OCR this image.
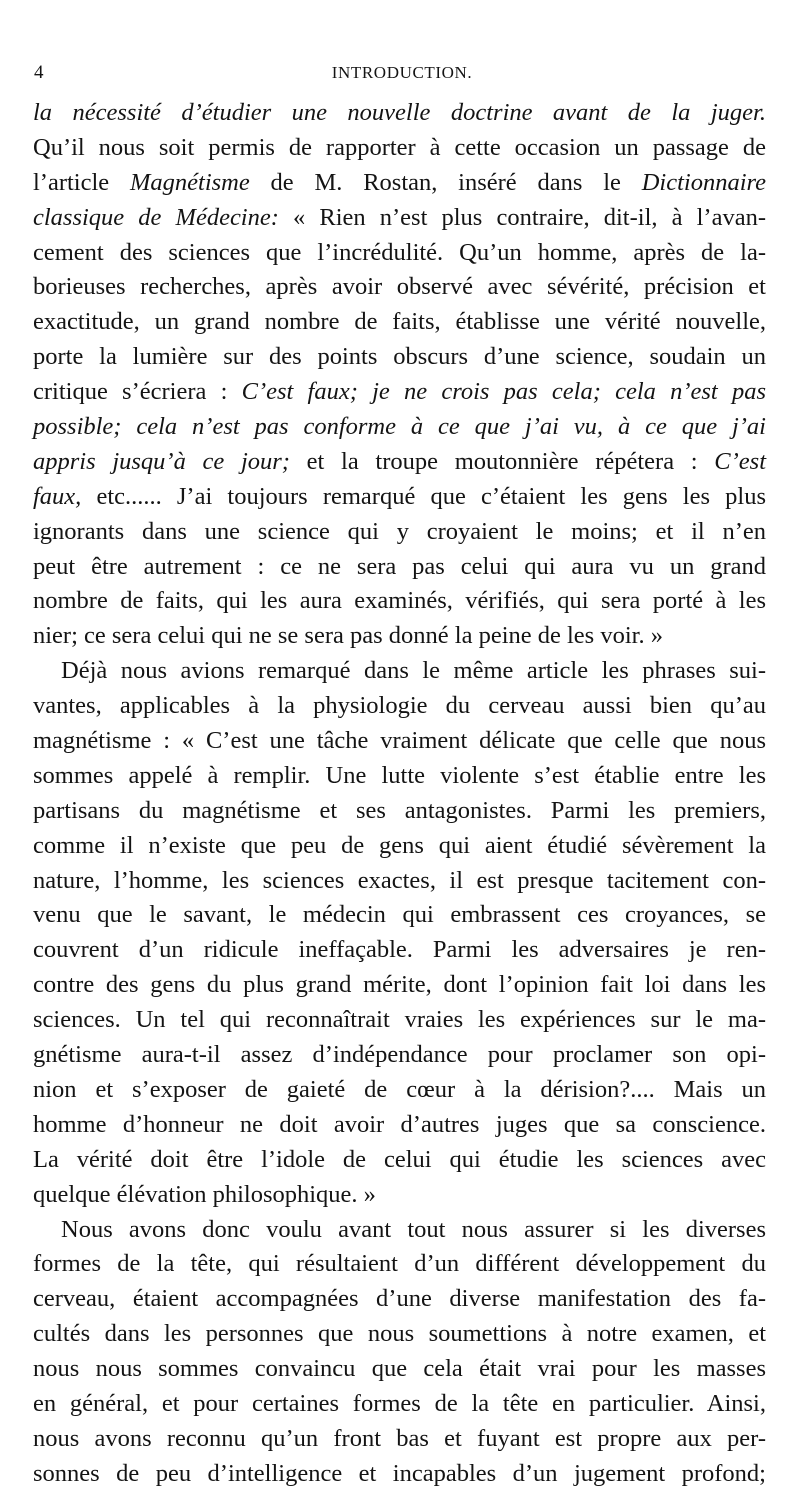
4	INTRODUCTION.
la nécessité d’étudier une nouvelle doctrine avant de la juger.
Qu’il nous soit permis de rapporter à cette occasion un passage de
l’article Magnétisme de M. Rostan, inséré dans le Dictionnaire
classique de Médecine: « Rien n’est plus contraire, dit-il, à l’avan-
cement des sciences que l’incrédulité. Qu’un homme, après de la-
borieuses recherches, après avoir observé avec sévérité, précision et
exactitude, un grand nombre de faits, établisse une vérité nouvelle,
porte la lumière sur des points obscurs d’une science, soudain un
critique s’écriera : C’est faux; je ne crois pas cela; cela n’est pas
possible; cela n’est pas conforme à ce que j’ai vu, à ce que j’ai
appris jusqu’à ce jour; et la troupe moutonnière répétera : C’est
faux, etc...... J’ai toujours remarqué que c’étaient les gens les plus
ignorants dans une science qui y croyaient le moins; et il n’en
peut être autrement : ce ne sera pas celui qui aura vu un grand
nombre de faits, qui les aura examinés, vérifiés, qui sera porté à les
nier; ce sera celui qui ne se sera pas donné la peine de les voir. »
Déjà nous avions remarqué dans le même article les phrases sui-
vantes, applicables à la physiologie du cerveau aussi bien qu’au
magnétisme : « C’est une tâche vraiment délicate que celle que nous
sommes appelé à remplir. Une lutte violente s’est établie entre les
partisans du magnétisme et ses antagonistes. Parmi les premiers,
comme il n’existe que peu de gens qui aient étudié sévèrement la
nature, l’homme, les sciences exactes, il est presque tacitement con-
venu que le savant, le médecin qui embrassent ces croyances, se
couvrent d’un ridicule ineffaçable. Parmi les adversaires je ren-
contre des gens du plus grand mérite, dont l’opinion fait loi dans les
sciences. Un tel qui reconnaîtrait vraies les expériences sur le ma-
gnétisme aura-t-il assez d’indépendance pour proclamer son opi-
nion et s’exposer de gaieté de cœur à la dérision?.... Mais un
homme d’honneur ne doit avoir d’autres juges que sa conscience.
La vérité doit être l’idole de celui qui étudie les sciences avec
quelque élévation philosophique. »
Nous avons donc voulu avant tout nous assurer si les diverses
formes de la tête, qui résultaient d’un différent développement du
cerveau, étaient accompagnées d’une diverse manifestation des fa-
cultés dans les personnes que nous soumettions à notre examen, et
nous nous sommes convaincu que cela était vrai pour les masses
en général, et pour certaines formes de la tête en particulier. Ainsi,
nous avons reconnu qu’un front bas et fuyant est propre aux per-
sonnes de peu d’intelligence et incapables d’un jugement profond;
